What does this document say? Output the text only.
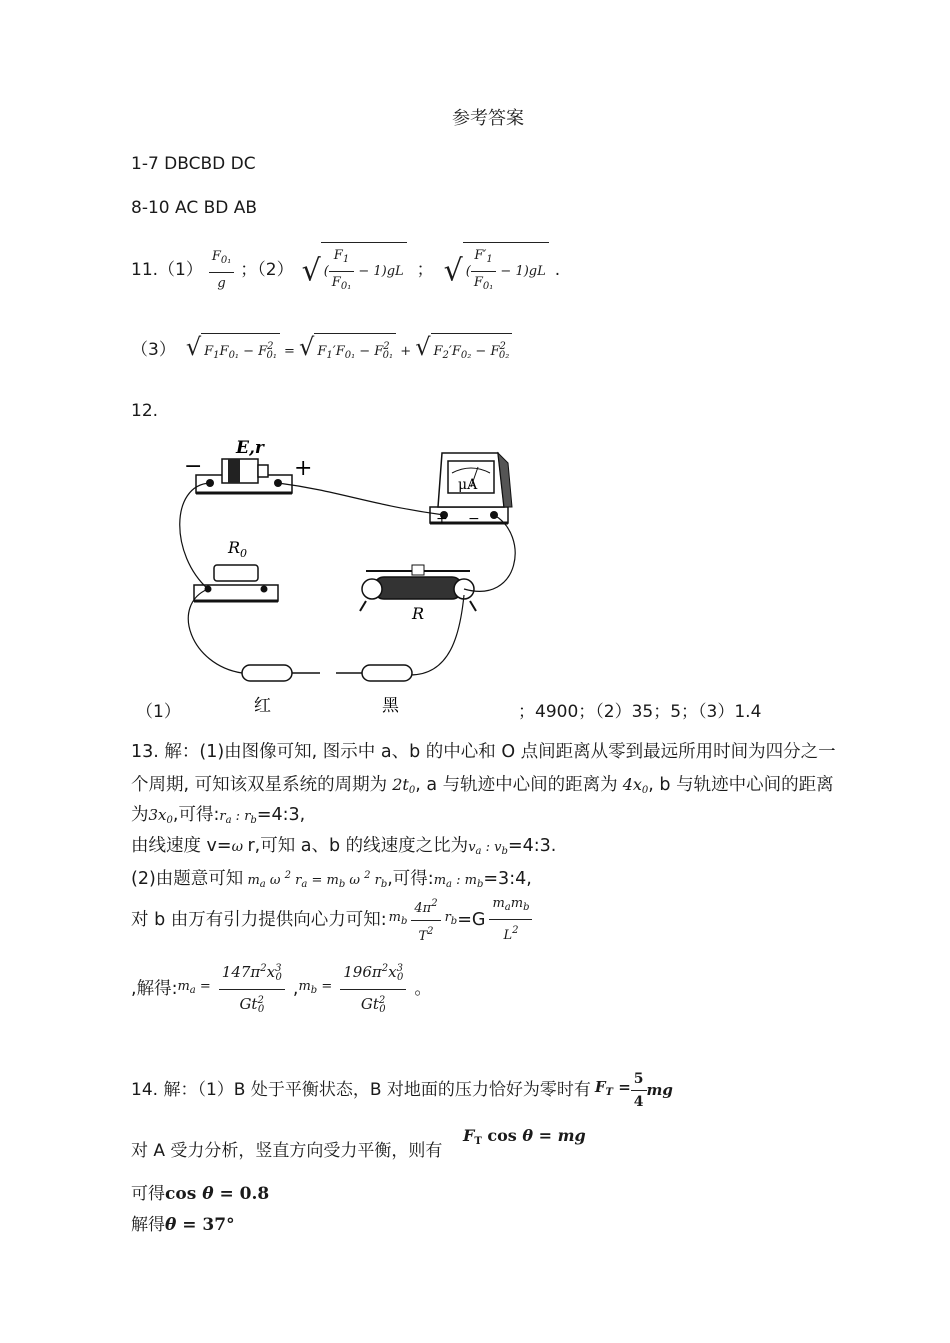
参考答案
1-7 DBCBD DC
8-10 AC BD AB
$11.(1) \frac{F_{0_1}}{g}$ ；（2） √ ( $\frac{F_1}{F_{0_1}} - 1)gL$ ； √ ( $\frac{F'_1}{F_{0_1}} - 1)gL$ .
（3） √ $F_1F_{0_1} - F^2_{0_1}$ = √ $F_1'F_{0_1} - F^2_{0_1}$ + √ $F_2'F_{0_2} - F^2_{0_2}$
12.
E,r
−	+
μA
+ −
$R_0$
R
红	黑
（1）	；4900；（2）35；5；（3）1.4
13. 解：(1)由图像可知, 图示中 a、b 的中心和 O 点间距离从零到最远所用时间为四分之一
个周期, 可知该双星系统的周期为 $2t_0$, a 与轨迹中心间的距离为 $4x_0$, b 与轨迹中心间的距离
为$3x_0$,可得$:r_a$ : $r_b=4:3$,
由线速度 v=ω r,可知 a、b 的线速度之比为$v_a$ : $v_b=4:3$.
(2)由题意可知 $m_a$ ω $^2$ $r_a = m_b$ ω $^2$ $r_b$,可得$:m_a$ : $m_b=3:4$,
对 b 由万有引力提供向心力可知: $m_b \frac{4\pi^2}{T^2} r_b =G \frac{m_am_b}{L^2}$
,解得: $m_a = \frac{147\pi^2x^3_0}{Gt^2_0}$ , $m_b = \frac{196\pi^2x^3_0}{Gt^2_0}$ 。
14. 解：（1）B 处于平衡状态，B 对地面的压力恰好为零时有 $F_T = \frac{5}{4}$ mg
对 A 受力分析，竖直方向受力平衡，则有
$F_T$ cos θ = mg
可得cos θ = 0.8
解得θ = 37°
